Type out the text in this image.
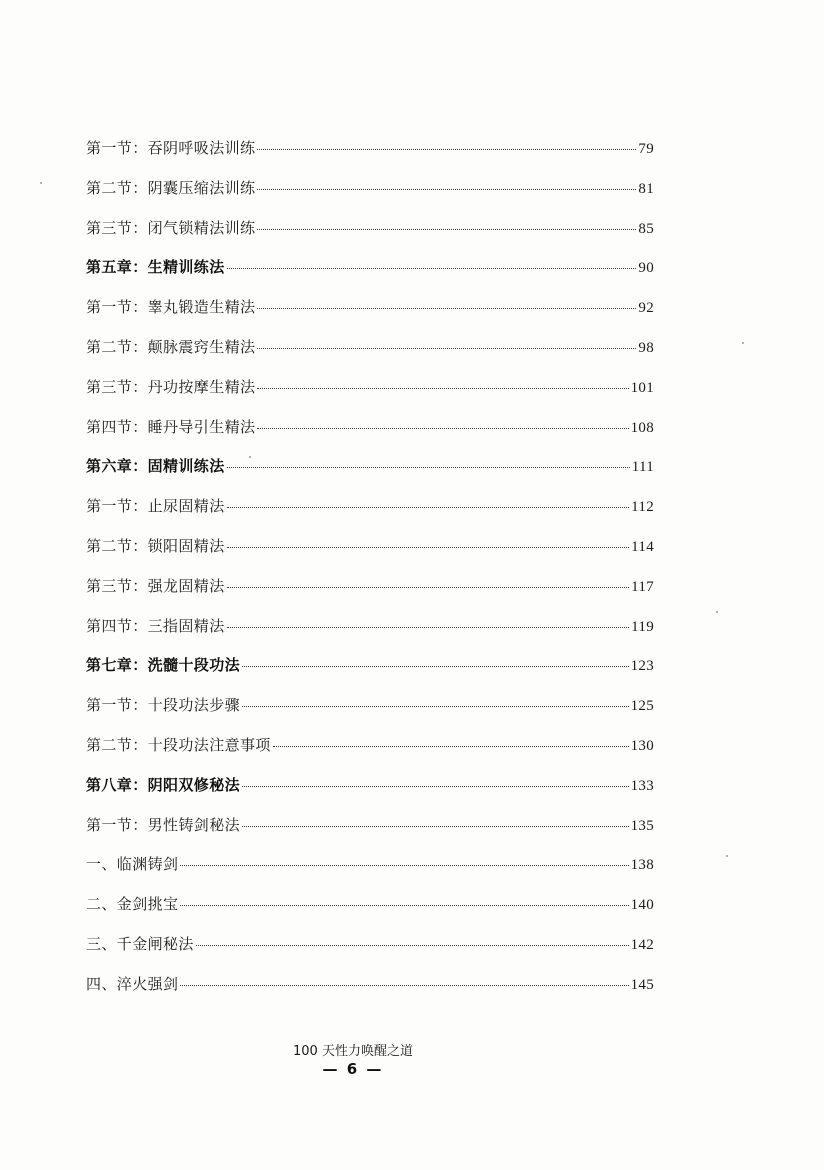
第一节：吞阴呼吸法训练	79
第二节：阴囊压缩法训练	81
第三节：闭气锁精法训练	85
第五章：生精训练法	90
第一节：睾丸锻造生精法	92
第二节：颠脉震窍生精法	98
第三节：丹功按摩生精法	101
第四节：睡丹导引生精法	108
第六章：固精训练法	111
第一节：止尿固精法	112
第二节：锁阳固精法	114
第三节：强龙固精法	117
第四节：三指固精法	119
第七章：洗髓十段功法	123
第一节：十段功法步骤	125
第二节：十段功法注意事项	130
第八章：阴阳双修秘法	133
第一节：男性铸剑秘法	135
一、临渊铸剑	138
二、金剑挑宝	140
三、千金闸秘法	142
四、淬火强剑	145
100 天性力唤醒之道
— 6 —
